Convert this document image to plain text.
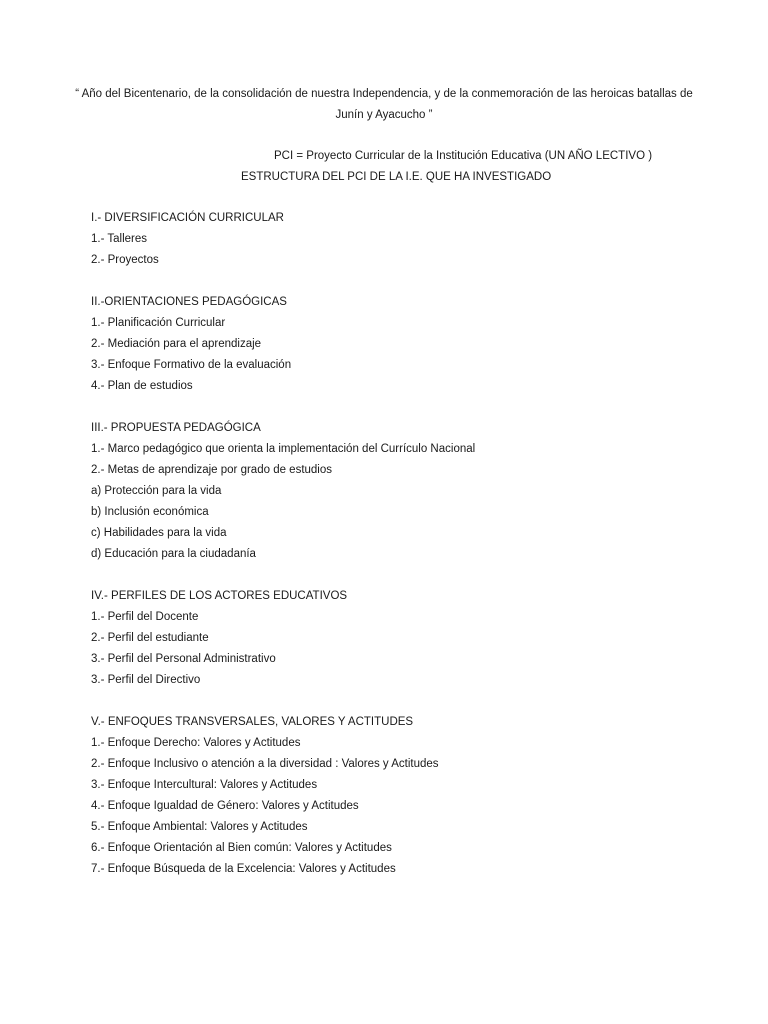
“ Año del Bicentenario, de la consolidación de nuestra Independencia, y de la conmemoración de las heroicas batallas de
Junín y Ayacucho ”
PCI = Proyecto Curricular de la Institución Educativa (UN AÑO LECTIVO )
ESTRUCTURA DEL PCI DE LA I.E. QUE HA INVESTIGADO
I.- DIVERSIFICACIÓN CURRICULAR
1.- Talleres
2.- Proyectos
II.-ORIENTACIONES PEDAGÓGICAS
1.- Planificación Curricular
2.- Mediación para el aprendizaje
3.- Enfoque Formativo de la evaluación
4.- Plan de estudios
III.- PROPUESTA PEDAGÓGICA
1.- Marco pedagógico que orienta la implementación del Currículo Nacional
2.- Metas de aprendizaje por grado de estudios
a) Protección para la vida
b) Inclusión económica
c) Habilidades para la vida
d) Educación para la ciudadanía
IV.- PERFILES DE LOS ACTORES EDUCATIVOS
1.- Perfil del Docente
2.- Perfil del estudiante
3.- Perfil del Personal Administrativo
3.- Perfil del Directivo
V.- ENFOQUES TRANSVERSALES, VALORES Y ACTITUDES
1.- Enfoque Derecho: Valores y Actitudes
2.- Enfoque Inclusivo o atención a la diversidad : Valores y Actitudes
3.- Enfoque Intercultural: Valores y Actitudes
4.- Enfoque Igualdad de Género: Valores y Actitudes
5.- Enfoque Ambiental: Valores y Actitudes
6.- Enfoque Orientación al Bien común: Valores y Actitudes
7.- Enfoque Búsqueda de la Excelencia: Valores y Actitudes
